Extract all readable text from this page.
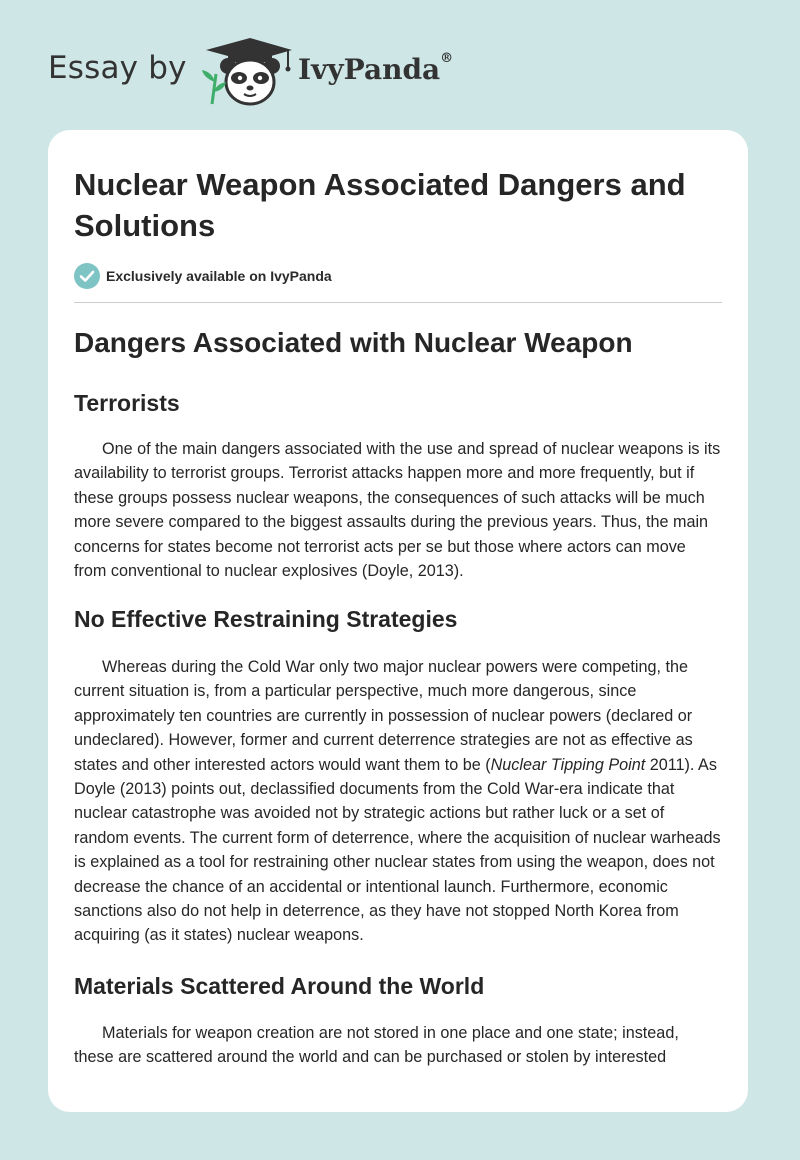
Essay by	IvyPanda®
Nuclear Weapon Associated Dangers and Solutions
Exclusively available on IvyPanda
Dangers Associated with Nuclear Weapon
Terrorists

One of the main dangers associated with the use and spread of nuclear weapons is its availability to terrorist groups. Terrorist attacks happen more and more frequently, but if these groups possess nuclear weapons, the consequences of such attacks will be much more severe compared to the biggest assaults during the previous years. Thus, the main concerns for states become not terrorist acts per se but those where actors can move from conventional to nuclear explosives (Doyle, 2013).

No Effective Restraining Strategies

Whereas during the Cold War only two major nuclear powers were competing, the current situation is, from a particular perspective, much more dangerous, since approximately ten countries are currently in possession of nuclear powers (declared or undeclared). However, former and current deterrence strategies are not as effective as states and other interested actors would want them to be (Nuclear Tipping Point 2011). As Doyle (2013) points out, declassified documents from the Cold War-era indicate that nuclear catastrophe was avoided not by strategic actions but rather luck or a set of random events. The current form of deterrence, where the acquisition of nuclear warheads is explained as a tool for restraining other nuclear states from using the weapon, does not decrease the chance of an accidental or intentional launch. Furthermore, economic sanctions also do not help in deterrence, as they have not stopped North Korea from acquiring (as it states) nuclear weapons.

Materials Scattered Around the World

Materials for weapon creation are not stored in one place and one state; instead, these are scattered around the world and can be purchased or stolen by interested
